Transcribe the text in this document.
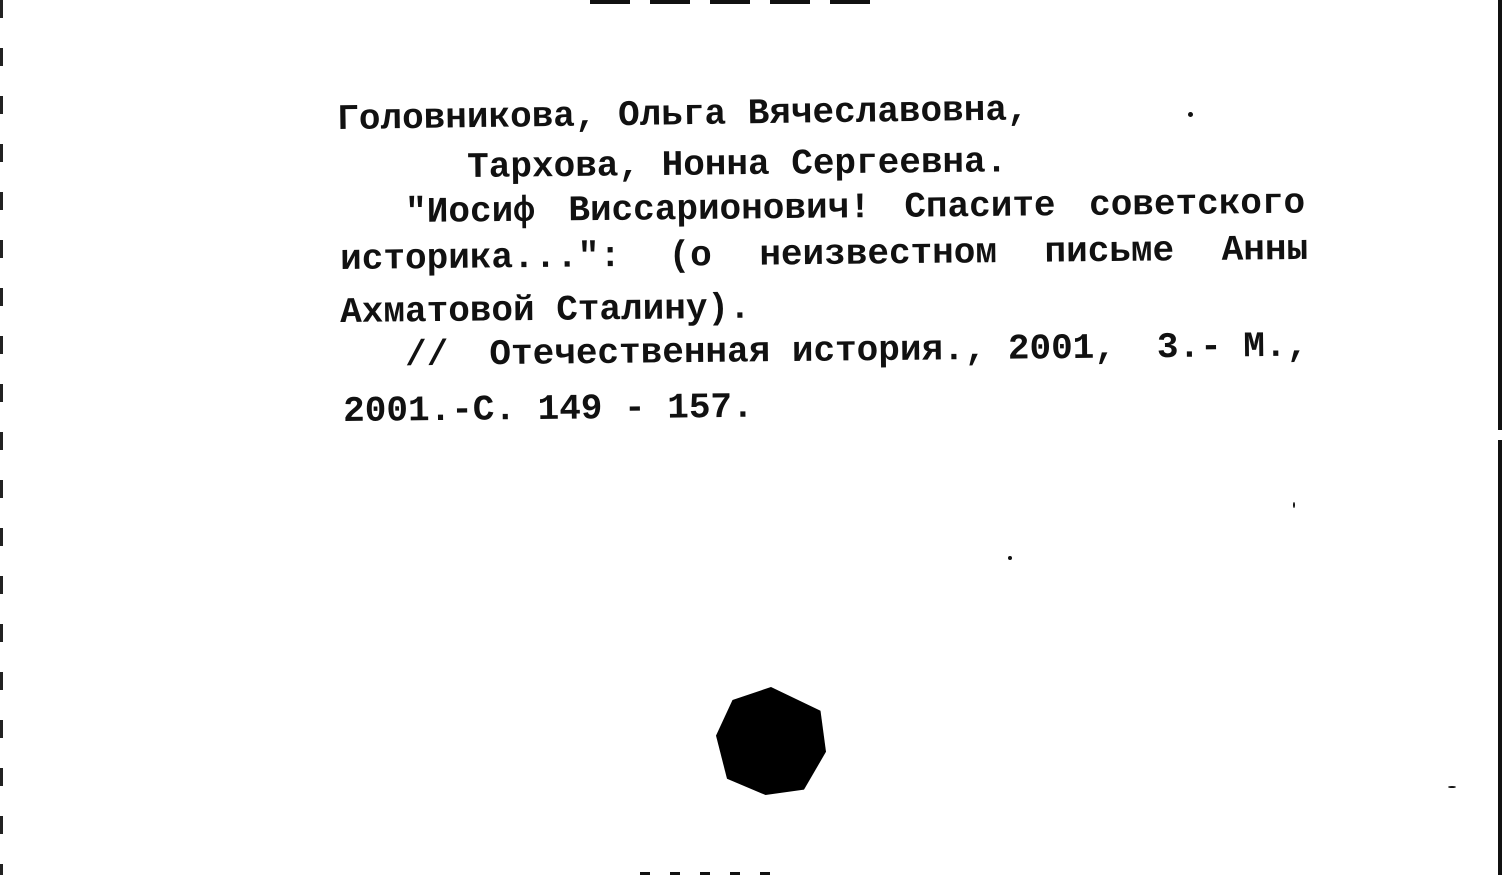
Головникова, Ольга Вячеславовна,
Тархова, Нонна Сергеевна.
"Иосиф Виссарионович! Спасите советского
историка...": (о неизвестном письме Анны
Ахматовой Сталину).
// Отечественная история., 2001, 3.- М.,
2001.-С. 149 - 157.
